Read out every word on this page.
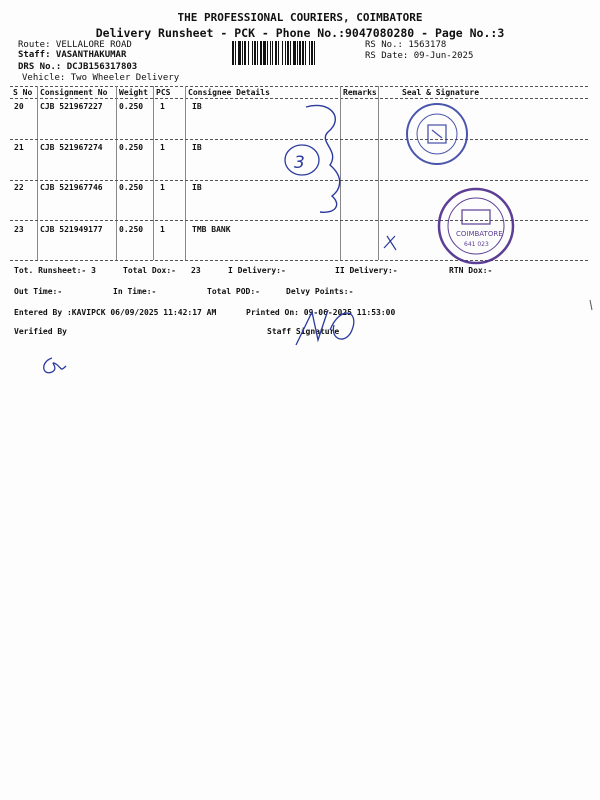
THE PROFESSIONAL COURIERS, COIMBATORE
Delivery Runsheet - PCK - Phone No.:9047080280 - Page No.:3
Route: VELLALORE ROAD
Staff: VASANTHAKUMAR
DRS No.: DCJB156317803
Vehicle: Two Wheeler Delivery
RS No.: 1563178
RS Date: 09-Jun-2025
S No Consignment No Weight PCS Consignee Details	Remarks	Seal & Signature
20 CJB 521967227 0.250 1	IB
21 CJB 521967274 0.250 1	IB
22 CJB 521967746 0.250 1	IB
23 CJB 521949177 0.250 1	TMB BANK
Tot. Runsheet:- 3	Total Dox:- 23	I Delivery:-	II Delivery:-	RTN Dox:-
Out Time:-	In Time:-	Total POD:-	Delvy Points:-
Entered By :KAVIPCK 06/09/2025 11:42:17 AM	Printed On: 09-06-2025 11:53:00
Verified By	Staff Signature
3
COIMBATORE
641 023
